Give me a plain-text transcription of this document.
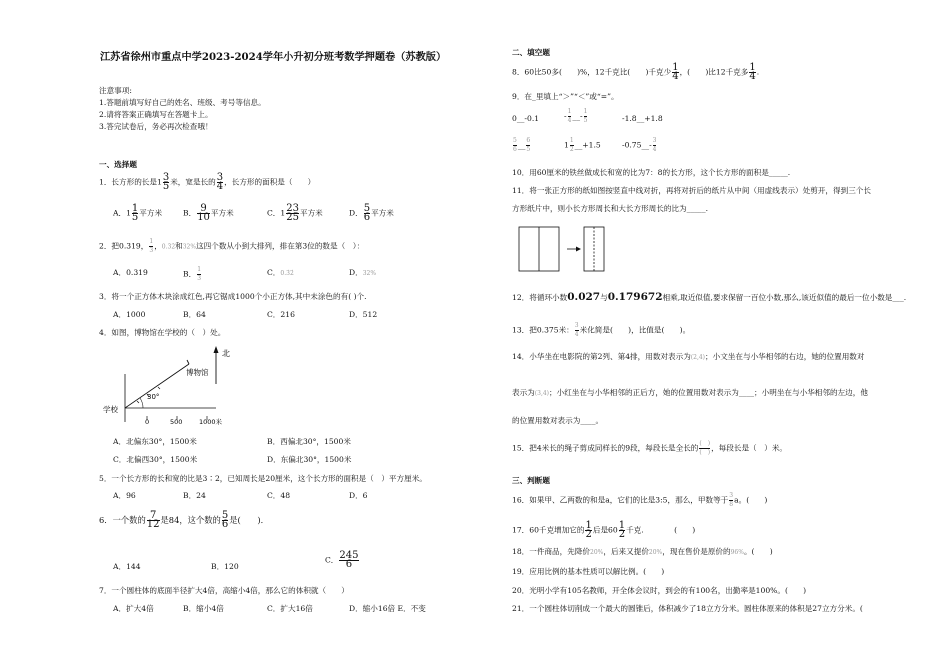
江苏省徐州市重点中学2023-2024学年小升初分班考数学押题卷（苏教版）
注意事项:
1.答题前填写好自己的姓名、班级、考号等信息。
2.请将答案正确填写在答题卡上。
3.答完试卷后，务必再次检查哦！
一、选择题
1．长方形的长是$1 \frac{3}{5}$ 米，宽是长的 $\frac{3}{4}$ ，长方形的面积是（　　）
A．$1 \frac{1}{5}$ 平方米	B． $\frac{9}{10}$ 平方米	C．$1 \frac{23}{25}$ 平方米	D． $\frac{5}{6}$ 平方米
2．把0.319， $\frac{1}{3}$ ，0.3̇2̇和32%这四个数从小到大排列，排在第3位的数是（　）：
A．0.319	B． $\frac{1}{3}$	C．0.3̇2̇	D．32%
3．将一个正方体木块涂成红色,再它锯成1000个小正方体,其中未涂色的有( )个.
A．1000	B．64	C．216	D．512
4．如图，博物馆在学校的（　）处。
北
30°
博物馆
学校
0	500	1000米
A．北偏东30°，1500米	B．西偏北30°，1500米
C．北偏西30°，1500米	D．东偏北30°，1500米
5．一个长方形的长和宽的比是3∶2，已知周长是20厘米，这个长方形的面积是（　）平方厘米。
A．96	B．24	C．48	D．6
6．一个数的 $\frac{7}{12}$ 是84，这个数的 $\frac{5}{6}$ 是(　　)．
A．144	B．120
C． $\frac{245}{6}$
7．一个圆柱体的底面半径扩大4倍，高缩小4倍，那么它的体积就（　　）
A．扩大4倍	B．缩小4倍	C．扩大16倍	D．缩小16倍 E．不变
二、填空题
8．60比50多(　　)%，12千克比(　　)千克少 $\frac{1}{4}$ ，(　　)比12千克多 $\frac{1}{4}$ .
9．在_里填上“＞”“＜”或“=”。
0__-0.1	- $\frac{1}{4}$ __- $\frac{1}{5}$	-1.8__+1.8
$\frac{5}{6}$ __ $\frac{6}{5}$	$1 \frac{1}{2}$ __+1.5	-0.75__- $\frac{3}{4}$
10．用60厘米的铁丝做成长和宽的比为7：8的长方形，这个长方形的面积是_____.
11．将一张正方形的纸如图按竖直中线对折，再将对折后的纸片从中间（用虚线表示）处剪开，得到三个长
方形纸片中，则小长方形周长和大长方形周长的比为_____.
12．将循环小数0.027与0.179672相乘,取近似值,要求保留一百位小数,那么,该近似值的最后一位小数是___.
13．把0.375米： $\frac{3}{4}$ 米化简是(　　)，比值是(　　)。
14．小华坐在电影院的第2列、第4排，用数对表示为(2,4)；小文坐在与小华相邻的右边，她的位置用数对
表示为(3,4)；小红坐在与小华相邻的正后方，她的位置用数对表示为____；小明坐在与小华相邻的左边，他
的位置用数对表示为____。
15．把4米长的绳子剪成同样长的9段，每段长是全长的 $\frac{( )}{( )}$ ，每段长是（　）米。
三、判断题
16．如果甲、乙两数的和是a，它们的比是3:5，那么，甲数等于 $\frac{3}{8}$ a。(　　)
17．60千克增加它的 $\frac{1}{2}$ 后是$60 \frac{1}{2}$ 千克.　　　　(　　)
18．一件商品，先降价20%，后来又提价20%，现在售价是原价的96%。(　　)
19．应用比例的基本性质可以解比例。(　　)
20．光明小学有105名教师，开全体会议时，到会的有100名，出勤率是100%。(　　)
21．一个圆柱体切削成一个最大的圆锥后，体积减少了18立方分米。圆柱体原来的体积是27立方分米。(
